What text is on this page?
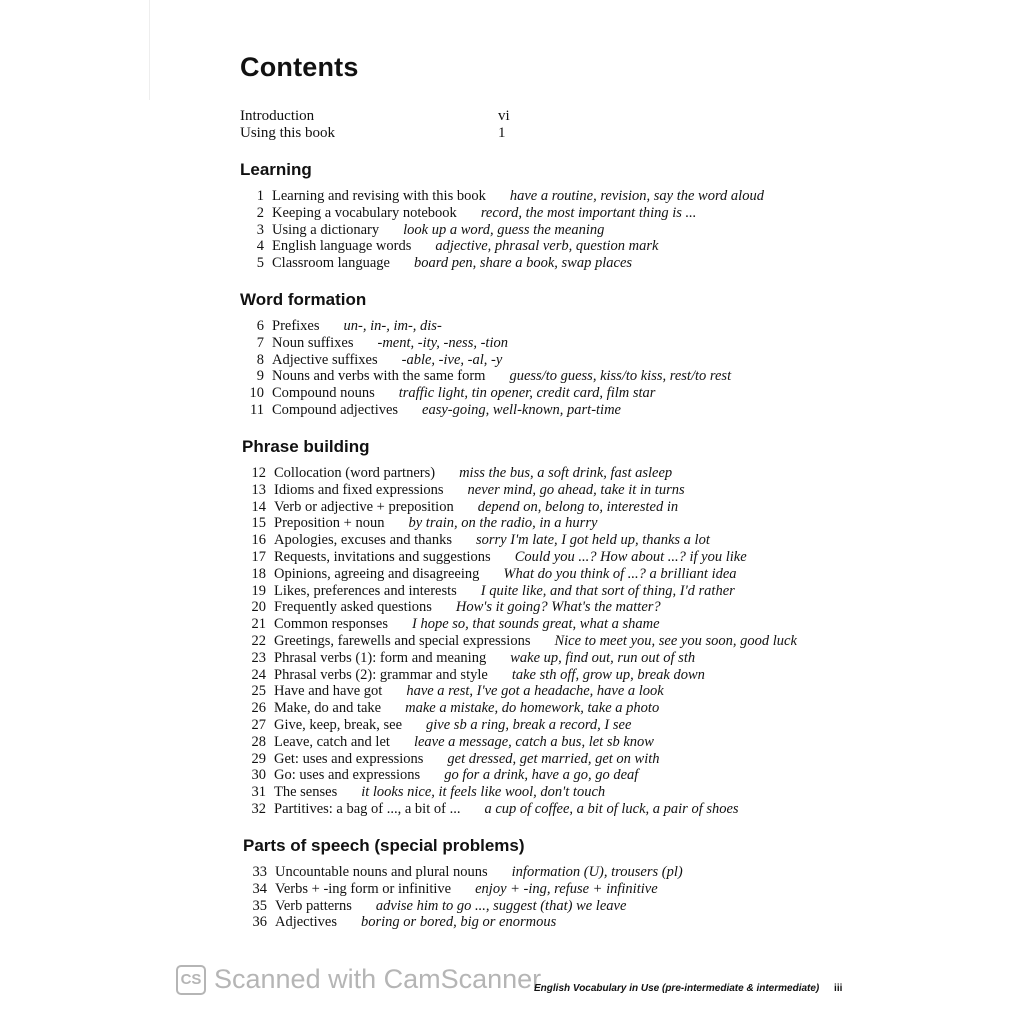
Contents
Introduction	vi
Using this book	1
Learning
1 Learning and revising with this book have a routine, revision, say the word aloud
2 Keeping a vocabulary notebook record, the most important thing is ...
3 Using a dictionary look up a word, guess the meaning
4 English language words adjective, phrasal verb, question mark
5 Classroom language board pen, share a book, swap places
Word formation
6 Prefixes un-, in-, im-, dis-
7 Noun suffixes -ment, -ity, -ness, -tion
8 Adjective suffixes -able, -ive, -al, -y
9 Nouns and verbs with the same form guess/to guess, kiss/to kiss, rest/to rest
10 Compound nouns traffic light, tin opener, credit card, film star
11 Compound adjectives easy-going, well-known, part-time
Phrase building
12 Collocation (word partners) miss the bus, a soft drink, fast asleep
13 Idioms and fixed expressions never mind, go ahead, take it in turns
14 Verb or adjective + preposition depend on, belong to, interested in
15 Preposition + noun by train, on the radio, in a hurry
16 Apologies, excuses and thanks sorry I'm late, I got held up, thanks a lot
17 Requests, invitations and suggestions Could you ...? How about ...? if you like
18 Opinions, agreeing and disagreeing What do you think of ...? a brilliant idea
19 Likes, preferences and interests I quite like, and that sort of thing, I'd rather
20 Frequently asked questions How's it going? What's the matter?
21 Common responses I hope so, that sounds great, what a shame
22 Greetings, farewells and special expressions Nice to meet you, see you soon, good luck
23 Phrasal verbs (1): form and meaning wake up, find out, run out of sth
24 Phrasal verbs (2): grammar and style take sth off, grow up, break down
25 Have and have got have a rest, I've got a headache, have a look
26 Make, do and take make a mistake, do homework, take a photo
27 Give, keep, break, see give sb a ring, break a record, I see
28 Leave, catch and let leave a message, catch a bus, let sb know
29 Get: uses and expressions get dressed, get married, get on with
30 Go: uses and expressions go for a drink, have a go, go deaf
31 The senses it looks nice, it feels like wool, don't touch
32 Partitives: a bag of ..., a bit of ... a cup of coffee, a bit of luck, a pair of shoes
Parts of speech (special problems)
33 Uncountable nouns and plural nouns information (U), trousers (pl)
34 Verbs + -ing form or infinitive enjoy + -ing, refuse + infinitive
35 Verb patterns advise him to go ..., suggest (that) we leave
36 Adjectives boring or bored, big or enormous
CS Scanned with CamScanner
English Vocabulary in Use (pre-intermediate & intermediate) iii
